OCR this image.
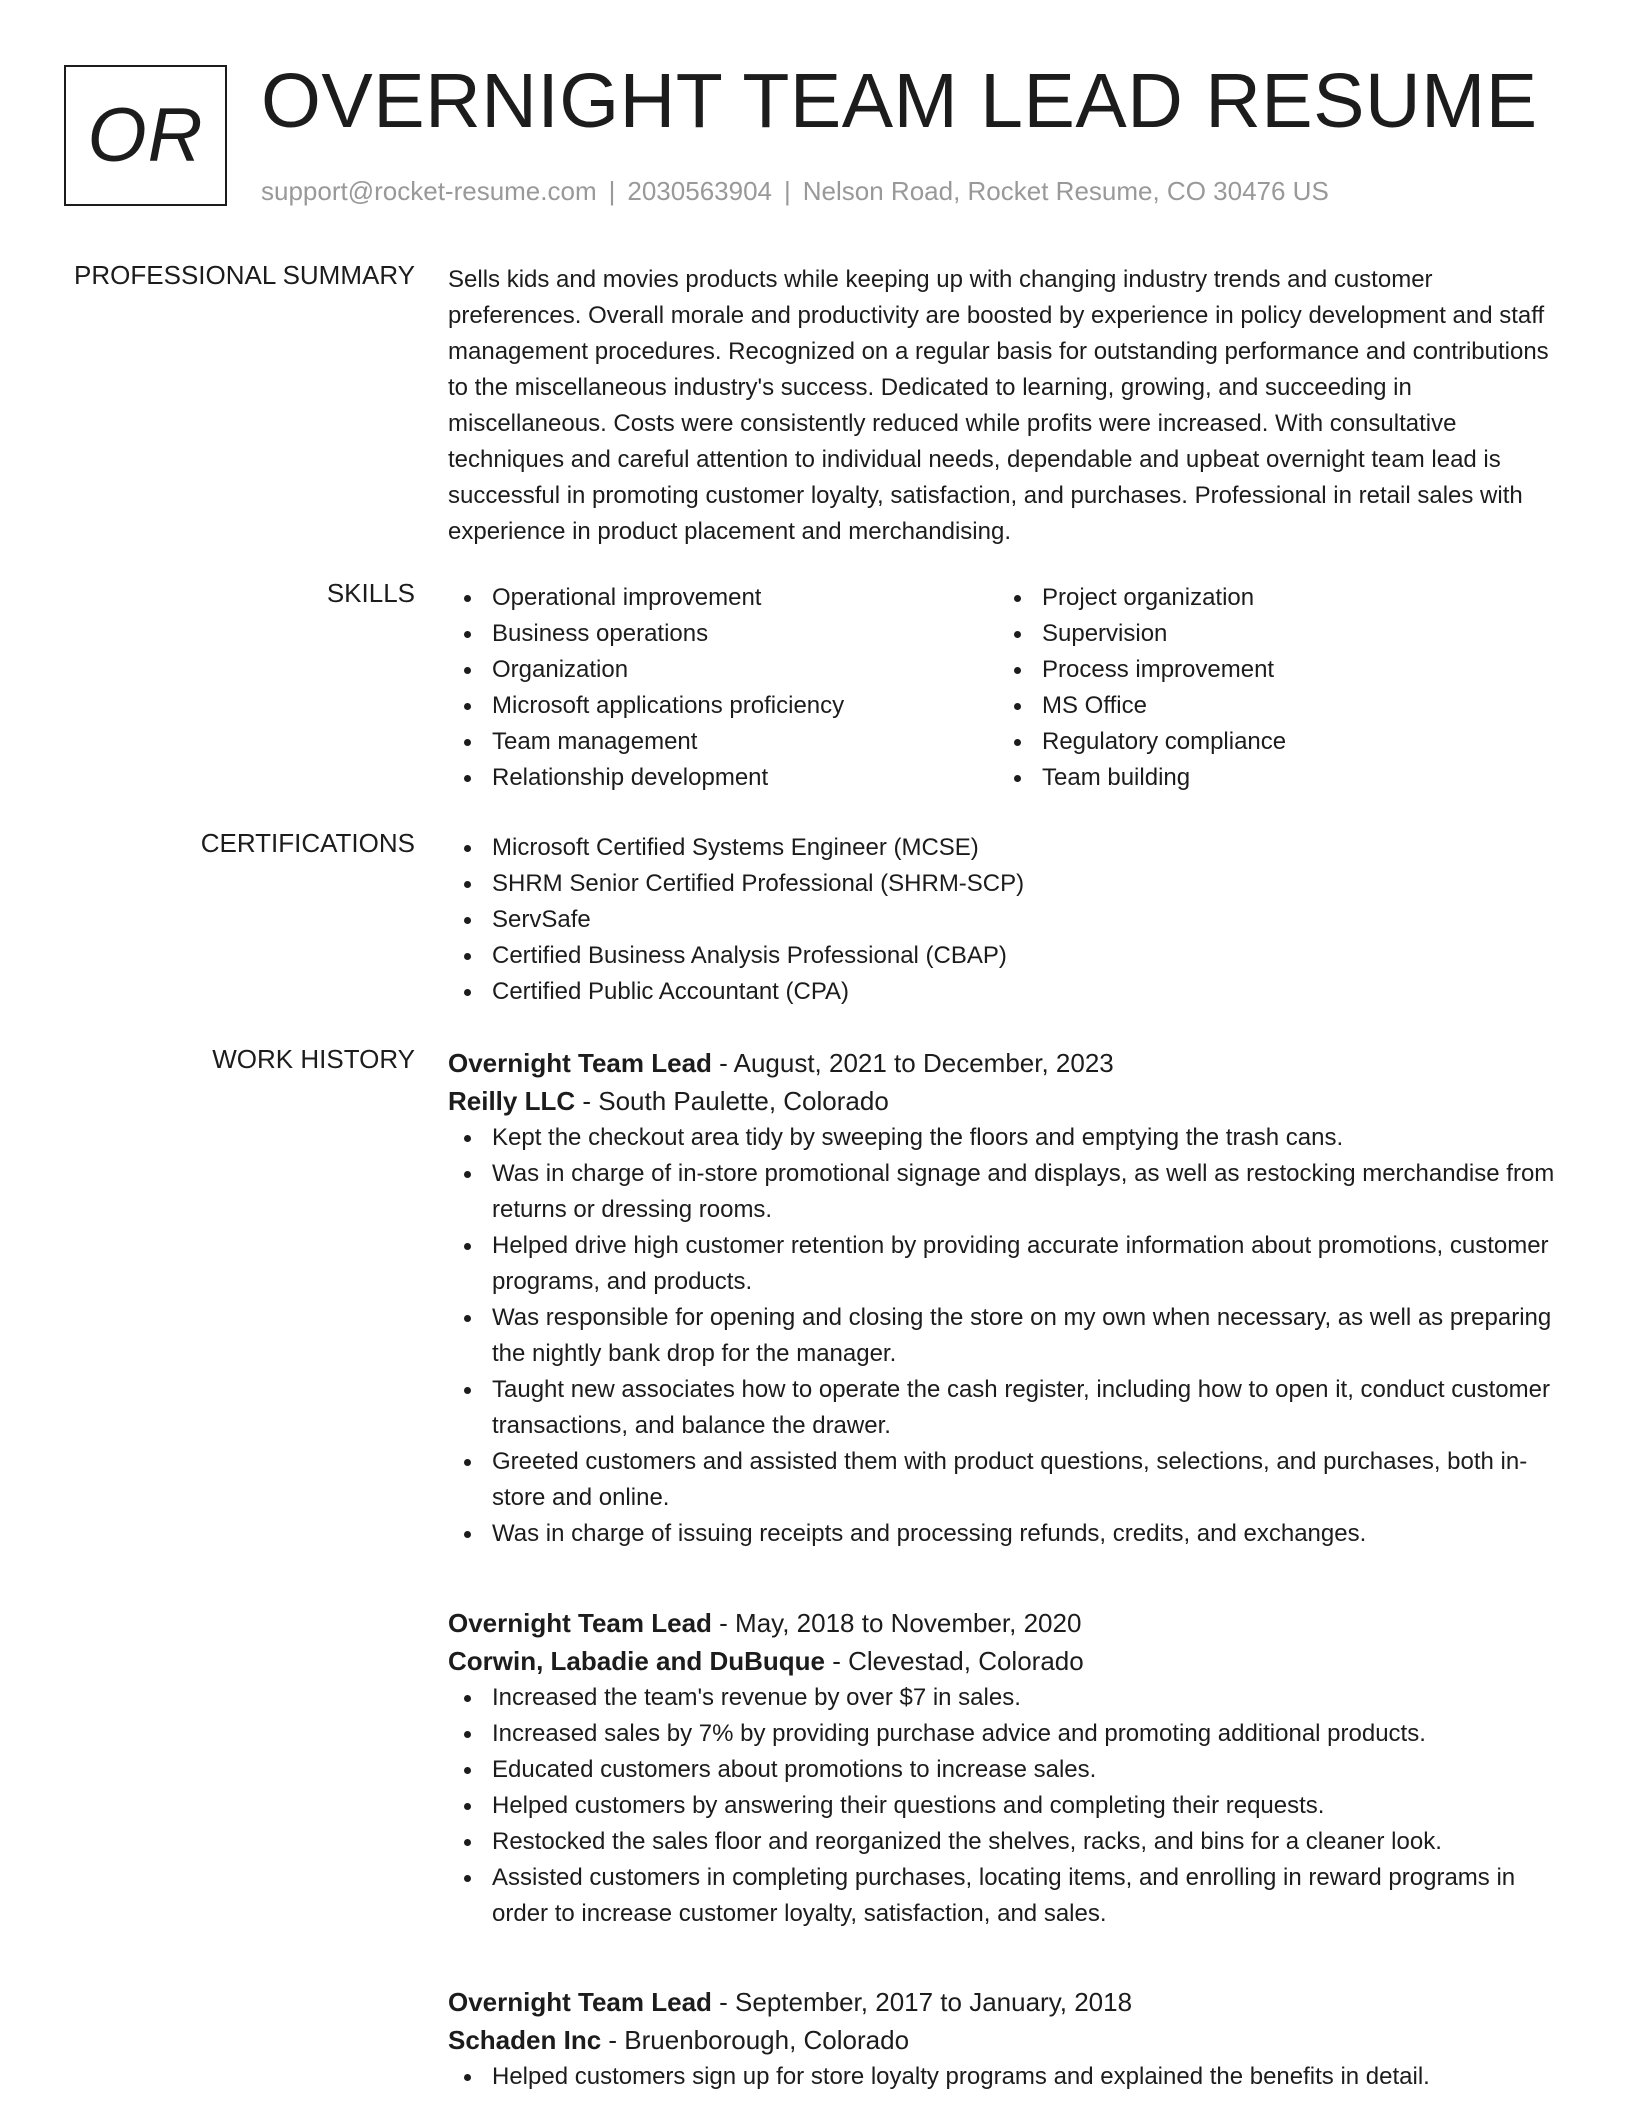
OR OVERNIGHT TEAM LEAD RESUME
support@rocket-resume.com | 2030563904 | Nelson Road, Rocket Resume, CO 30476 US
PROFESSIONAL SUMMARY Sells kids and movies products while keeping up with changing industry trends and customer preferences. Overall morale and productivity are boosted by experience in policy development and staff management procedures. Recognized on a regular basis for outstanding performance and contributions to the miscellaneous industry's success. Dedicated to learning, growing, and succeeding in miscellaneous. Costs were consistently reduced while profits were increased. With consultative techniques and careful attention to individual needs, dependable and upbeat overnight team lead is successful in promoting customer loyalty, satisfaction, and purchases. Professional in retail sales with experience in product placement and merchandising.

SKILLS	Operational improvement
Business operations
Organization
Microsoft applications proficiency
Team management
Relationship development
Project organization
Supervision
Process improvement
MS Office
Regulatory compliance
Team building
CERTIFICATIONS	Microsoft Certified Systems Engineer (MCSE)
SHRM Senior Certified Professional (SHRM-SCP)
ServSafe
Certified Business Analysis Professional (CBAP)
Certified Public Accountant (CPA)
WORK HISTORY Overnight Team Lead - August, 2021 to December, 2023
Reilly LLC - South Paulette, Colorado
Kept the checkout area tidy by sweeping the floors and emptying the trash cans.
Was in charge of in-store promotional signage and displays, as well as restocking merchandise from returns or dressing rooms.
Helped drive high customer retention by providing accurate information about promotions, customer programs, and products.
Was responsible for opening and closing the store on my own when necessary, as well as preparing the nightly bank drop for the manager.
Taught new associates how to operate the cash register, including how to open it, conduct customer transactions, and balance the drawer.
Greeted customers and assisted them with product questions, selections, and purchases, both in-store and online.
Was in charge of issuing receipts and processing refunds, credits, and exchanges.
Overnight Team Lead - May, 2018 to November, 2020
Corwin, Labadie and DuBuque - Clevestad, Colorado
Increased the team's revenue by over $7 in sales.
Increased sales by 7% by providing purchase advice and promoting additional products.
Educated customers about promotions to increase sales.
Helped customers by answering their questions and completing their requests.
Restocked the sales floor and reorganized the shelves, racks, and bins for a cleaner look.
Assisted customers in completing purchases, locating items, and enrolling in reward programs in order to increase customer loyalty, satisfaction, and sales.
Overnight Team Lead - September, 2017 to January, 2018
Schaden Inc - Bruenborough, Colorado
Helped customers sign up for store loyalty programs and explained the benefits in detail.
